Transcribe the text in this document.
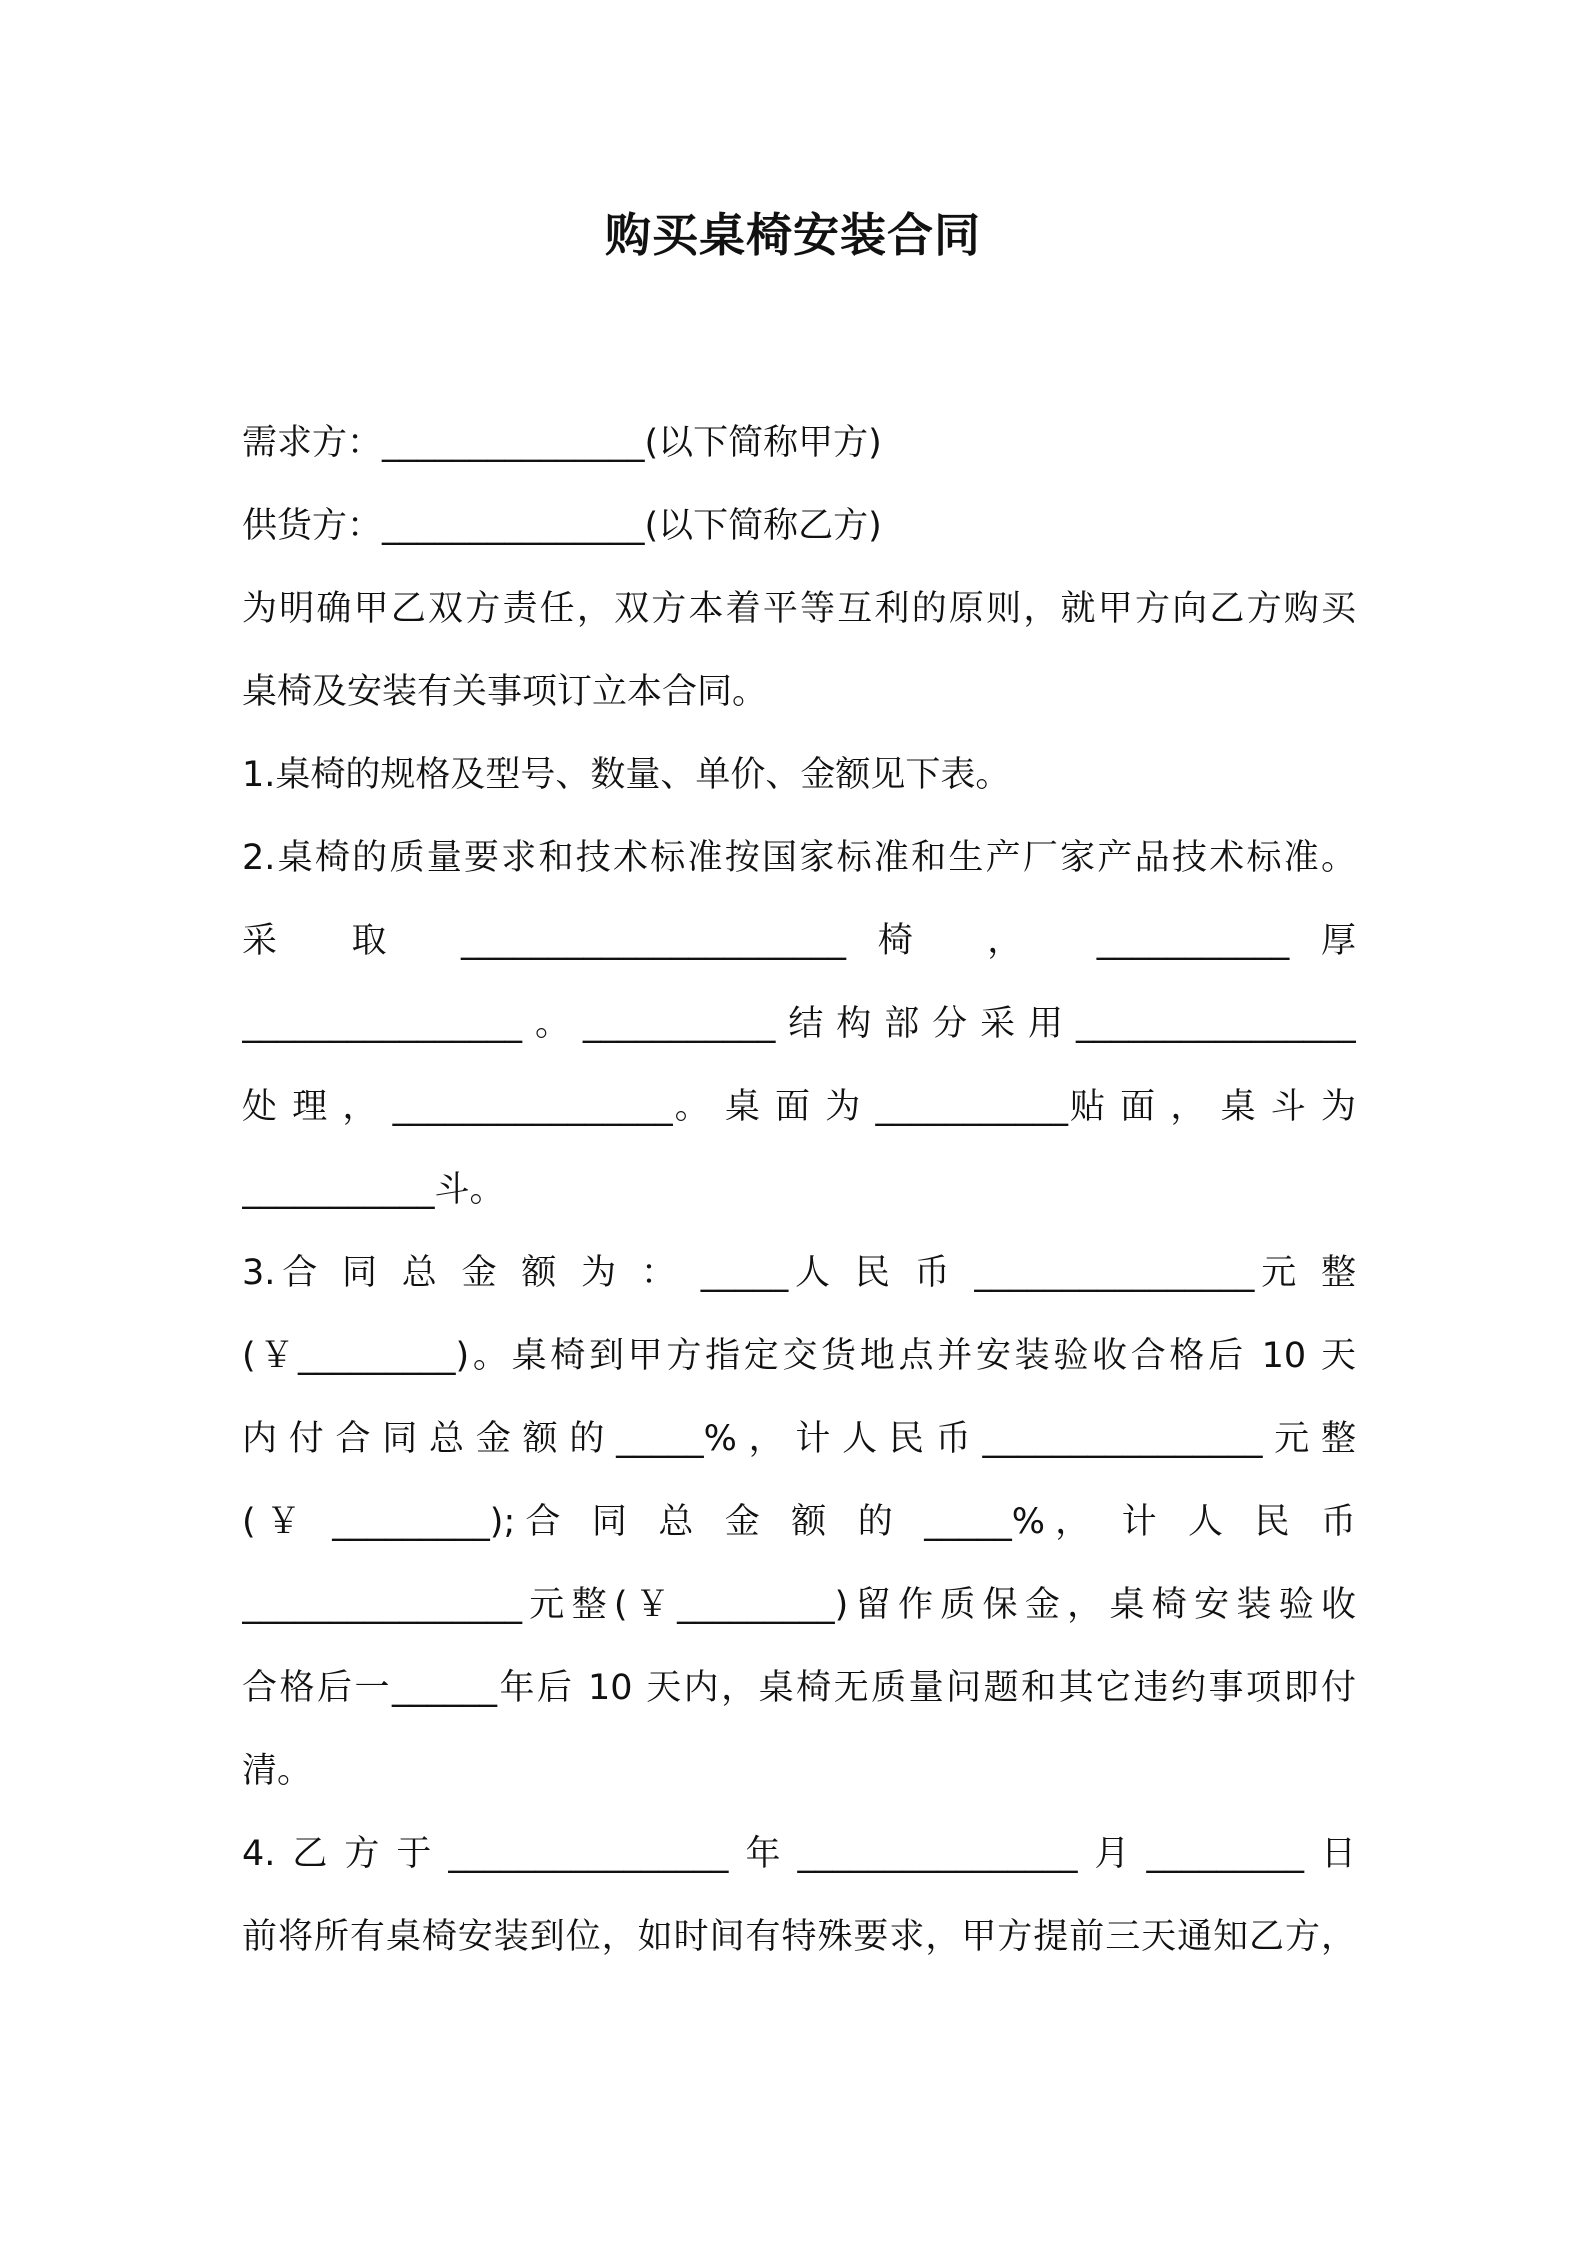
购买桌椅安装合同
需求方：_______________(以下简称甲方)
供货方：_______________(以下简称乙方)
为明确甲乙双方责任，双方本着平等互利的原则，就甲方向乙方购买
桌椅及安装有关事项订立本合同。
1.桌椅的规格及型号、数量、单价、金额见下表。
2.桌椅的质量要求和技术标准按国家标准和生产厂家产品技术标准。
采 取 ______________________椅 ， ___________厚
________________。___________结构部分采用________________
处 理 ， ________________。 桌 面 为 ___________贴 面 ， 桌 斗 为
___________斗。
3.合 同 总 金 额 为 ： _____人 民 币 ________________元 整
(￥_________)。桌椅到甲方指定交货地点并安装验收合格后 10 天
内付合同总金额的_____%，计人民币________________元整
(￥ _________);合 同 总 金 额 的 _____%， 计 人 民 币
________________元整(￥_________)留作质保金，桌椅安装验收
合格后一______年后 10 天内，桌椅无质量问题和其它违约事项即付
清。
4.乙方于________________年________________月_________日
前将所有桌椅安装到位，如时间有特殊要求，甲方提前三天通知乙方，
